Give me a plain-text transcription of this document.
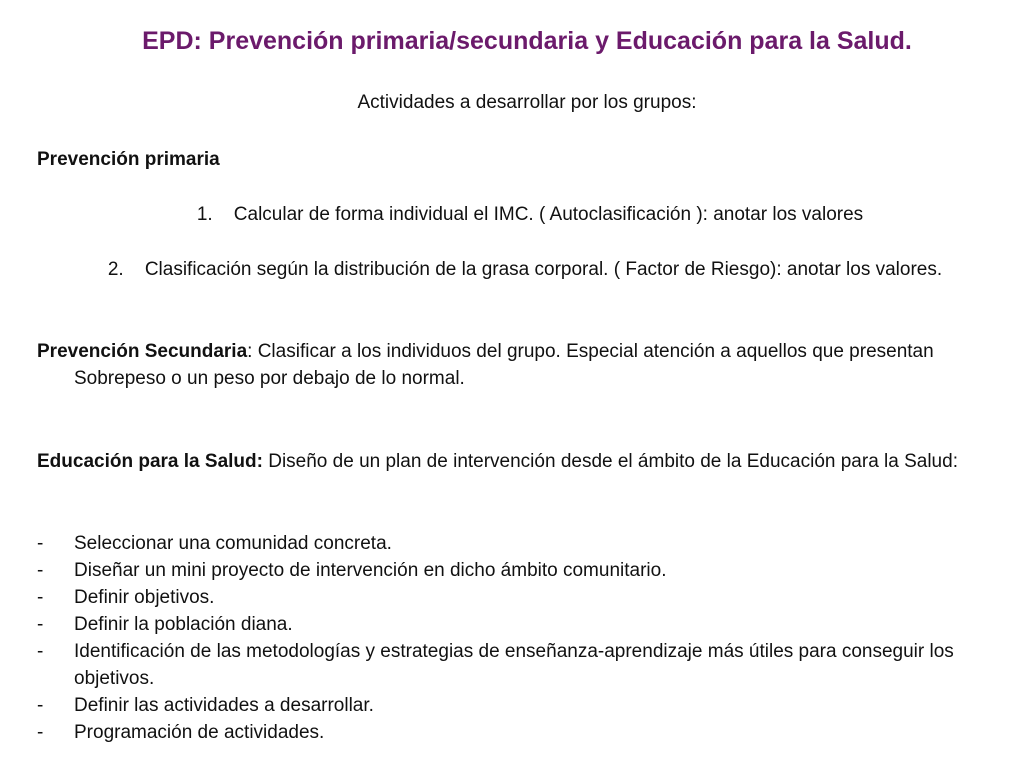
EPD: Prevención primaria/secundaria y Educación para la Salud.
Actividades a desarrollar por los grupos:
Prevención primaria
1. Calcular de forma individual el IMC. ( Autoclasificación ): anotar los valores
2. Clasificación según la distribución de la grasa corporal. ( Factor de Riesgo): anotar los valores.
Prevención Secundaria: Clasificar a los individuos del grupo. Especial atención a aquellos que presentan Sobrepeso o un peso por debajo de lo normal.
Educación para la Salud: Diseño de un plan de intervención desde el ámbito de la Educación para la Salud:
-	Seleccionar una comunidad concreta.
-	Diseñar un mini proyecto de intervención en dicho ámbito comunitario.
-	Definir objetivos.
-	Definir la población diana.
-	Identificación de las metodologías y estrategias de enseñanza-aprendizaje más útiles para conseguir los objetivos.
-	Definir las actividades a desarrollar.
-	Programación de actividades.
